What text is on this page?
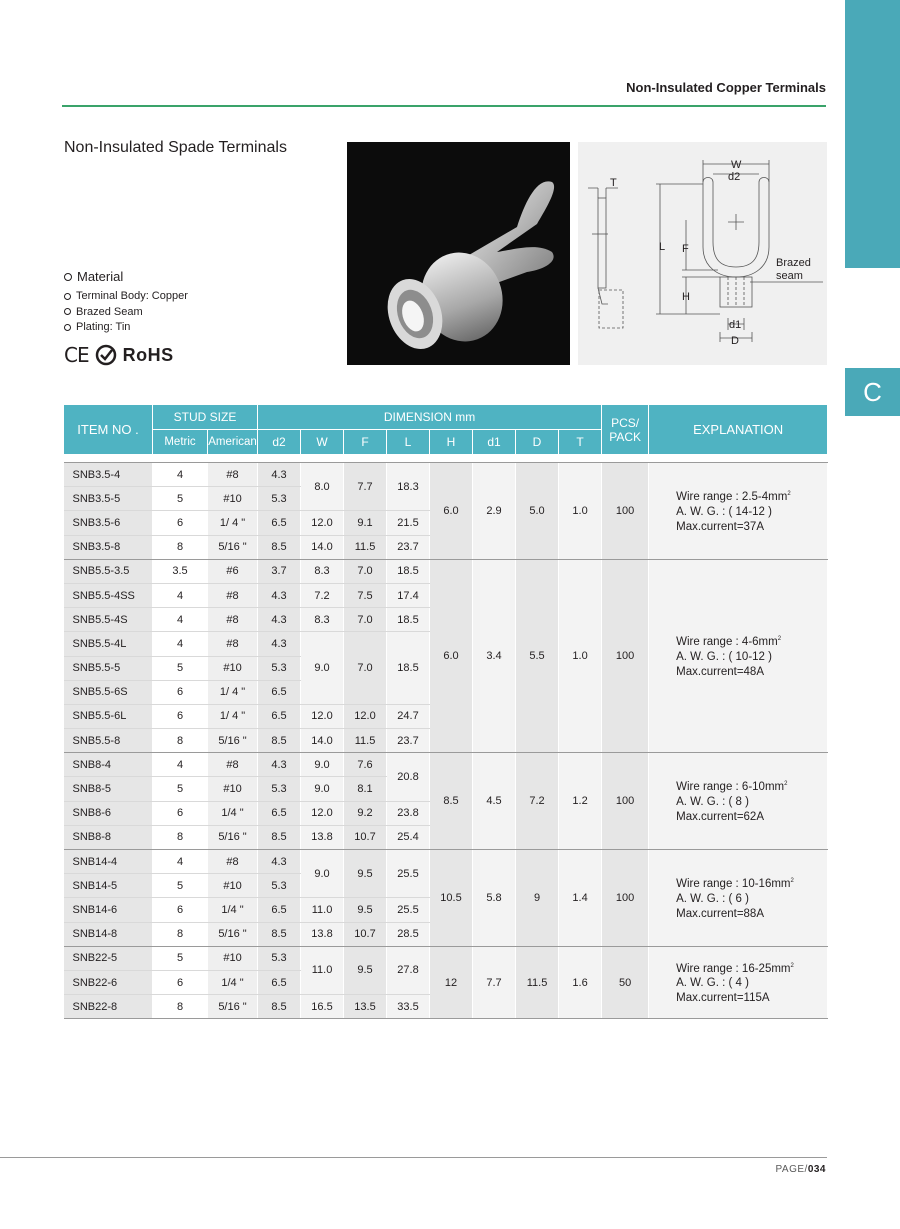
C
Non-Insulated Copper Terminals
Non-Insulated Spade Terminals
Material
Terminal Body: Copper
Brazed Seam
Plating: Tin
CE RoHS
W
d2
T
L F
H
d1
D
Brazed
seam
ITEM NO .	STUD SIZE		DIMENSION mm								PCS/
PACK	EXPLANATION
	Metric	American	d2	W	F	L	H	d1	D	T		

SNB3.5-4	4	#8	4.3	8.0	7.7	18.3	6.0	2.9	5.0	1.0	100	Wire range : $2.5-4mm^2$
A. W. G. : ( 14-12 )
Max.current=37A
SNB3.5-5	5	#10	5.3									
SNB3.5-6	6	1/ 4 "	6.5	12.0	9.1	21.5						
SNB3.5-8	8	5/16 "	8.5	14.0	11.5	23.7						
SNB5.5-3.5	3.5	#6	3.7	8.3	7.0	18.5	6.0	3.4	5.5	1.0	100	Wire range : $4-6mm^2$
A. W. G. : ( 10-12 )
Max.current=48A
SNB5.5-4SS	4	#8	4.3	7.2	7.5	17.4						
SNB5.5-4S	4	#8	4.3	8.3	7.0	18.5						
SNB5.5-4L	4	#8	4.3	9.0	7.0	18.5						
SNB5.5-5	5	#10	5.3									
SNB5.5-6S	6	1/ 4 "	6.5									
SNB5.5-6L	6	1/ 4 "	6.5	12.0	12.0	24.7						
SNB5.5-8	8	5/16 "	8.5	14.0	11.5	23.7						
SNB8-4	4	#8	4.3	9.0	7.6	20.8	8.5	4.5	7.2	1.2	100	Wire range : $6-10mm^2$
A. W. G. : ( 8 )
Max.current=62A
SNB8-5	5	#10	5.3	9.0	8.1							
SNB8-6	6	1/4 "	6.5	12.0	9.2	23.8						
SNB8-8	8	5/16 "	8.5	13.8	10.7	25.4						
SNB14-4	4	#8	4.3	9.0	9.5	25.5	10.5	5.8	9	1.4	100	Wire range : $10-16mm^2$
A. W. G. : ( 6 )
Max.current=88A
SNB14-5	5	#10	5.3									
SNB14-6	6	1/4 "	6.5	11.0	9.5	25.5						
SNB14-8	8	5/16 "	8.5	13.8	10.7	28.5						
SNB22-5	5	#10	5.3	11.0	9.5	27.8	12	7.7	11.5	1.6	50	Wire range : $16-25mm^2$
A. W. G. : ( 4 )
Max.current=115A
SNB22-6	6	1/4 "	6.5									
SNB22-8	8	5/16 "	8.5	16.5	13.5	33.5						
PAGE/034
